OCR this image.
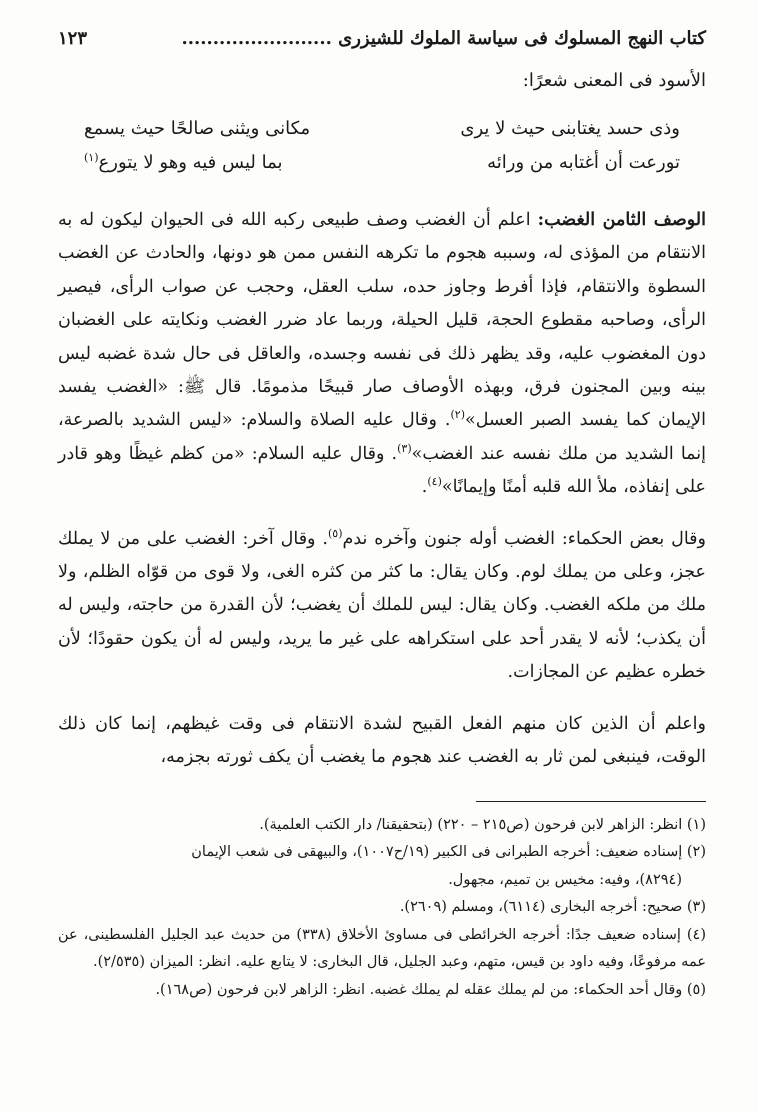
كتاب النهج المسلوك فى سياسة الملوك للشيزرى ........................
١٢٣
الأسود فى المعنى شعرًا:
وذى حسد يغتابنى حيث لا يرى
مكانى ويثنى صالحًا حيث يسمع
تورعت أن أغتابه من ورائه
بما ليس فيه وهو لا يتورع$^{(١)}$

الوصف الثامن الغضب: اعلم أن الغضب وصف طبيعى ركبه الله فى الحيوان ليكون له به الانتقام من المؤذى له، وسببه هجوم ما تكرهه النفس ممن هو دونها، والحادث عن الغضب السطوة والانتقام، فإذا أفرط وجاوز حده، سلب العقل، وحجب عن صواب الرأى، فيصير الرأى، وصاحبه مقطوع الحجة، قليل الحيلة، وربما عاد ضرر الغضب ونكايته على الغضبان دون المغضوب عليه، وقد يظهر ذلك فى نفسه وجسده، والعاقل فى حال شدة غضبه ليس بينه وبين المجنون فرق، وبهذه الأوصاف صار قبيحًا مذمومًا. قال ﷺ: «الغضب يفسد الإيمان كما يفسد الصبر العسل»$^{(٢)}$. وقال عليه الصلاة والسلام: «ليس الشديد بالصرعة، إنما الشديد من ملك نفسه عند الغضب»$^{(٣)}$. وقال عليه السلام: «من كظم غيظًا وهو قادر على إنفاذه، ملأ الله قلبه أمنًا وإيمانًا»$^{(٤)}$.

وقال بعض الحكماء: الغضب أوله جنون وآخره ندم$^{(٥)}$. وقال آخر: الغضب على من لا يملك عجز، وعلى من يملك لوم. وكان يقال: ما كثر من كثره الغى، ولا قوى من قوّاه الظلم، ولا ملك من ملكه الغضب. وكان يقال: ليس للملك أن يغضب؛ لأن القدرة من حاجته، وليس له أن يكذب؛ لأنه لا يقدر أحد على استكراهه على غير ما يريد، وليس له أن يكون حقودًا؛ لأن خطره عظيم عن المجازات.

واعلم أن الذين كان منهم الفعل القبيح لشدة الانتقام فى وقت غيظهم، إنما كان ذلك الوقت، فينبغى لمن ثار به الغضب عند هجوم ما يغضب أن يكف ثورته بجزمه،

(١) انظر: الزاهر لابن فرحون (ص٢١٥ – ٢٢٠) (بتحقيقنا/ دار الكتب العلمية).
(٢) إسناده ضعيف: أخرجه الطبرانى فى الكبير (١٩/ح١٠٠٧)، والبيهقى فى شعب الإيمان
(٨٢٩٤)، وفيه: مخيس بن تميم، مجهول.
(٣) صحيح: أخرجه البخارى (٦١١٤)، ومسلم (٢٦٠٩).
(٤) إسناده ضعيف جدًا: أخرجه الخرائطى فى مساوئ الأخلاق (٣٣٨) من حديث عبد الجليل الفلسطينى، عن عمه مرفوعًا، وفيه داود بن قيس، متهم، وعبد الجليل، قال البخارى: لا يتابع عليه. انظر: الميزان (٢/٥٣٥).
(٥) وقال أحد الحكماء: من لم يملك عقله لم يملك غضبه. انظر: الزاهر لابن فرحون (ص١٦٨).
